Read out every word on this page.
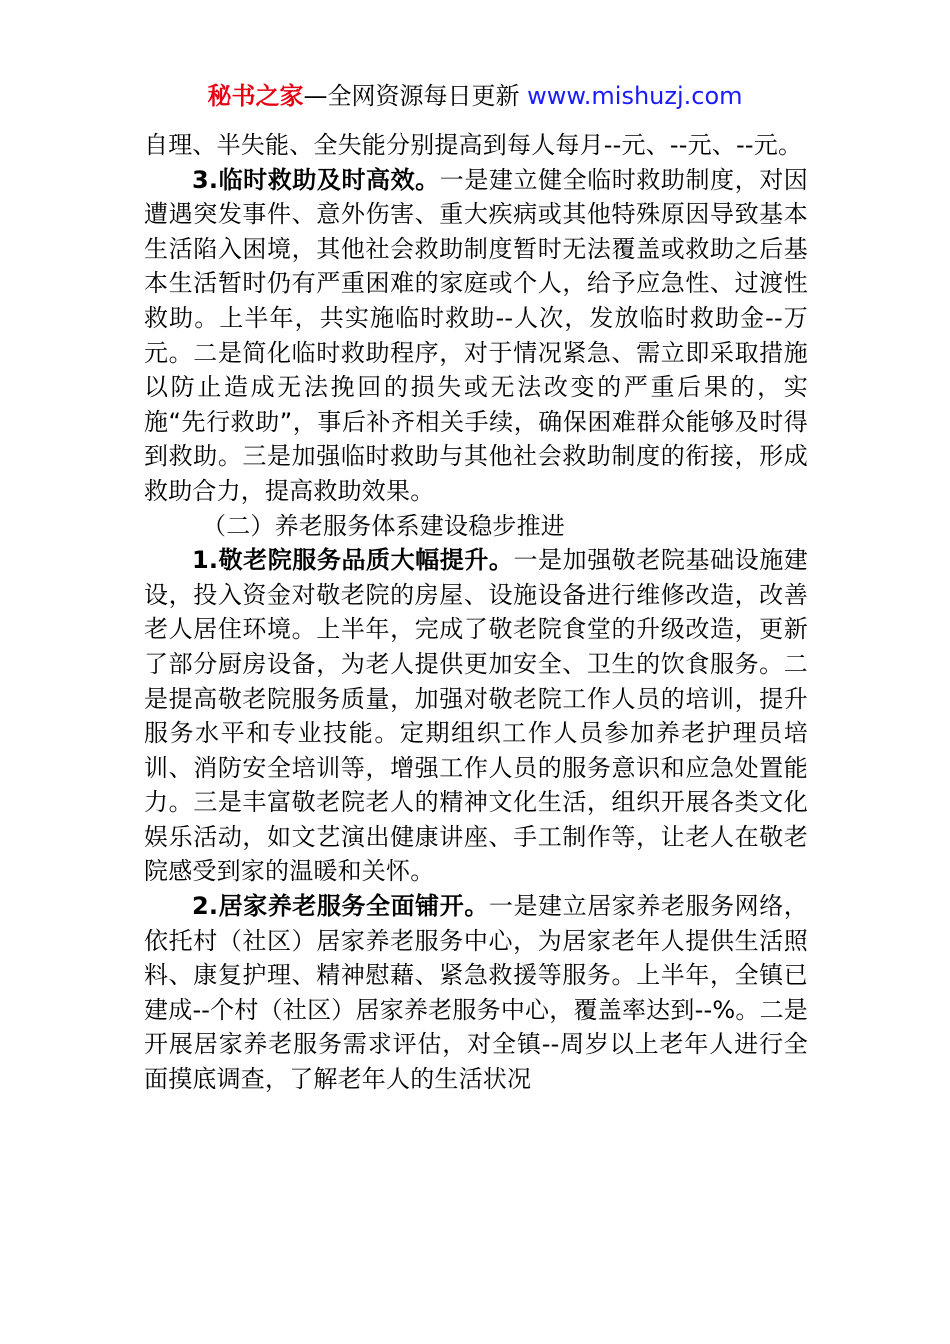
秘书之家—全网资源每日更新 www.mishuzj.com

自理、半失能、全失能分别提高到每人每月--元、--元、--元。

3.临时救助及时高效。一是建立健全临时救助制度，对因遭遇突发事件、意外伤害、重大疾病或其他特殊原因导致基本生活陷入困境，其他社会救助制度暂时无法覆盖或救助之后基本生活暂时仍有严重困难的家庭或个人，给予应急性、过渡性救助。上半年，共实施临时救助--人次，发放临时救助金--万元。二是简化临时救助程序，对于情况紧急、需立即采取措施以防止造成无法挽回的损失或无法改变的严重后果的，实施“先行救助”，事后补齐相关手续，确保困难群众能够及时得到救助。三是加强临时救助与其他社会救助制度的衔接，形成救助合力，提高救助效果。

（二）养老服务体系建设稳步推进

1.敬老院服务品质大幅提升。一是加强敬老院基础设施建设，投入资金对敬老院的房屋、设施设备进行维修改造，改善老人居住环境。上半年，完成了敬老院食堂的升级改造，更新了部分厨房设备，为老人提供更加安全、卫生的饮食服务。二是提高敬老院服务质量，加强对敬老院工作人员的培训，提升服务水平和专业技能。定期组织工作人员参加养老护理员培训、消防安全培训等，增强工作人员的服务意识和应急处置能力。三是丰富敬老院老人的精神文化生活，组织开展各类文化娱乐活动，如文艺演出健康讲座、手工制作等，让老人在敬老院感受到家的温暖和关怀。

2.居家养老服务全面铺开。一是建立居家养老服务网络，依托村（社区）居家养老服务中心，为居家老年人提供生活照料、康复护理、精神慰藉、紧急救援等服务。上半年，全镇已建成--个村（社区）居家养老服务中心，覆盖率达到--%。二是开展居家养老服务需求评估，对全镇--周岁以上老年人进行全面摸底调查，了解老年人的生活状况
